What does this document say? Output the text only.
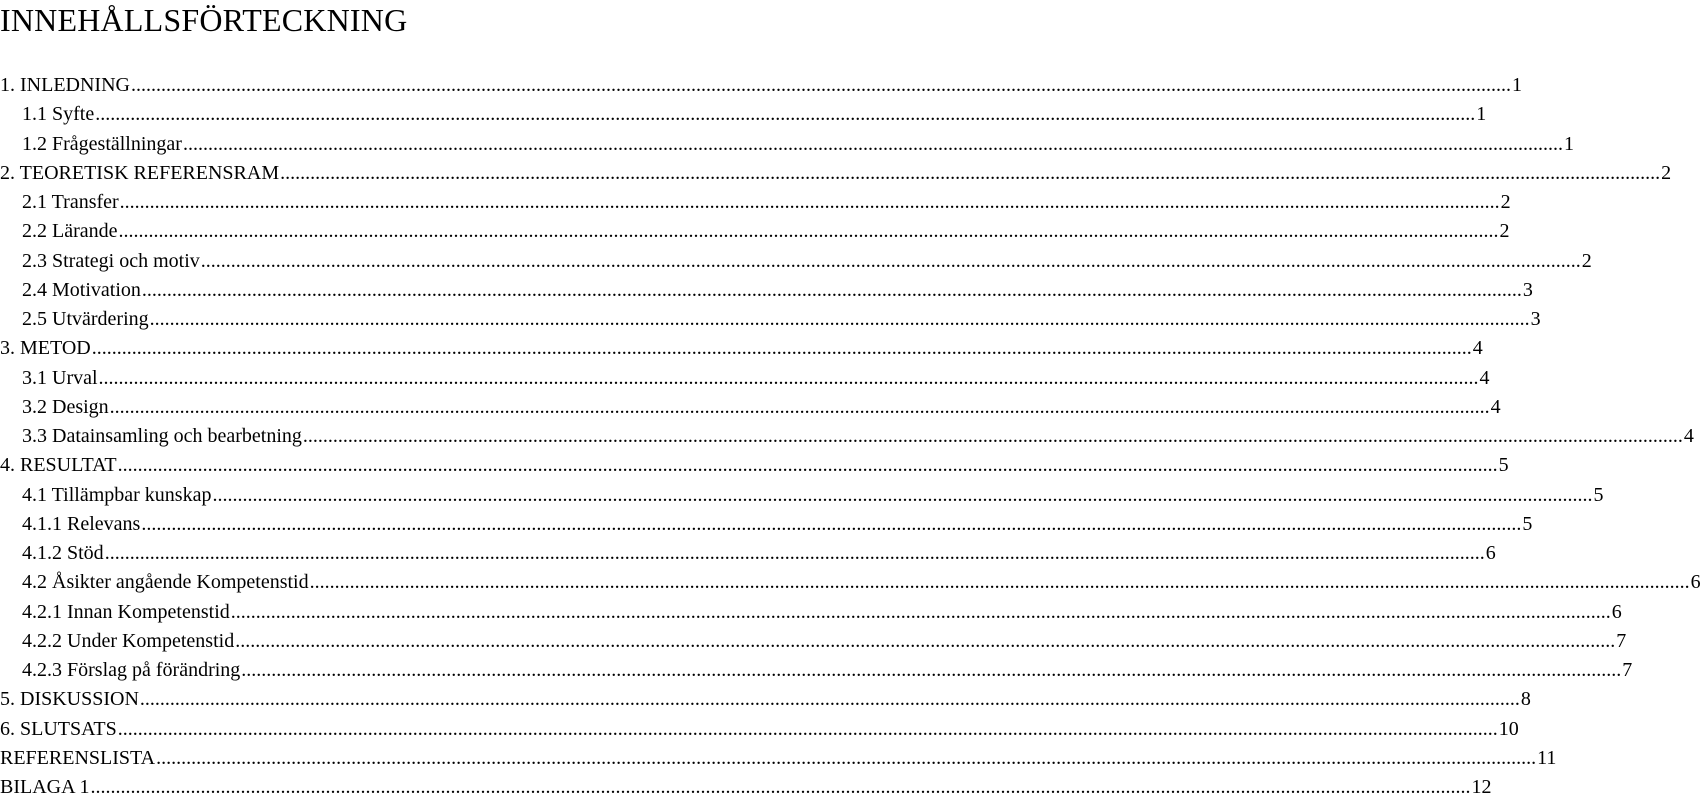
INNEHÅLLSFÖRTECKNING
1. INLEDNING .....	1
1.1 Syfte .....	1
1.2 Frågeställningar .....	1
2. TEORETISK REFERENSRAM .....	2
2.1 Transfer .....	2
2.2 Lärande .....	2
2.3 Strategi och motiv .....	2
2.4 Motivation .....	3
2.5 Utvärdering .....	3
3. METOD .....	4
3.1 Urval .....	4
3.2 Design .....	4
3.3 Datainsamling och bearbetning .....	4
4. RESULTAT .....	5
4.1 Tillämpbar kunskap .....	5
4.1.1 Relevans .....	5
4.1.2 Stöd .....	6
4.2 Åsikter angående Kompetenstid .....	6
4.2.1 Innan Kompetenstid .....	6
4.2.2 Under Kompetenstid .....	7
4.2.3 Förslag på förändring .....	7
5. DISKUSSION .....	8
6. SLUTSATS .....	10
REFERENSLISTA .....	11
BILAGA 1 .....	12
